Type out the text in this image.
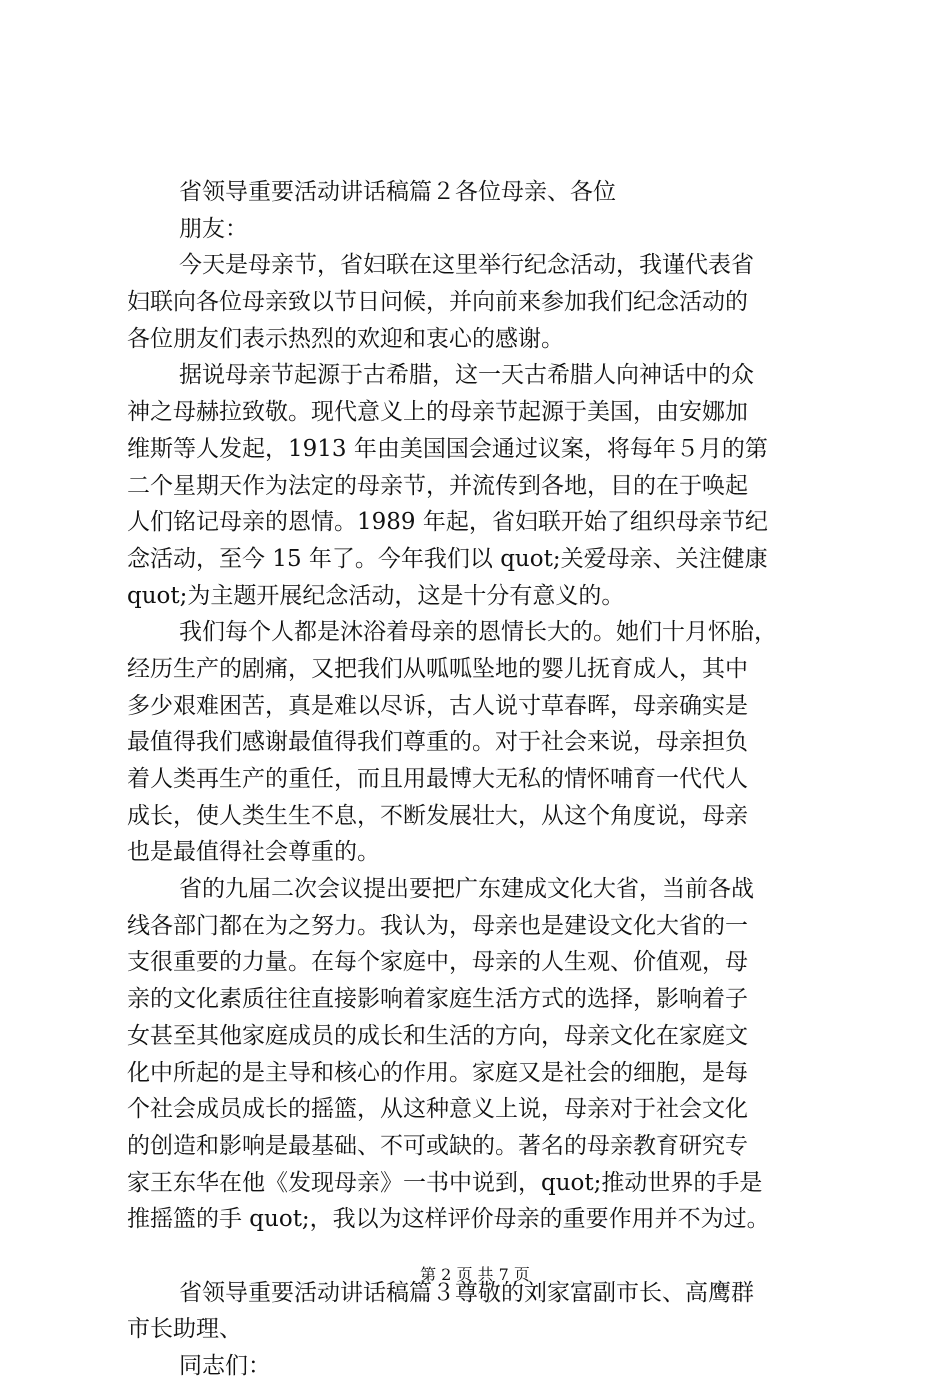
省领导重要活动讲话稿篇２各位母亲、各位
朋友：
今天是母亲节，省妇联在这里举行纪念活动，我谨代表省
妇联向各位母亲致以节日问候，并向前来参加我们纪念活动的
各位朋友们表示热烈的欢迎和衷心的感谢。
据说母亲节起源于古希腊，这一天古希腊人向神话中的众
神之母赫拉致敬。现代意义上的母亲节起源于美国，由安娜加
维斯等人发起，1913 年由美国国会通过议案，将每年５月的第
二个星期天作为法定的母亲节，并流传到各地，目的在于唤起
人们铭记母亲的恩情。1989 年起，省妇联开始了组织母亲节纪
念活动，至今 15 年了。今年我们以 quot;关爱母亲、关注健康
quot;为主题开展纪念活动，这是十分有意义的。
我们每个人都是沐浴着母亲的恩情长大的。她们十月怀胎，
经历生产的剧痛，又把我们从呱呱坠地的婴儿抚育成人，其中
多少艰难困苦，真是难以尽诉，古人说寸草春晖，母亲确实是
最值得我们感谢最值得我们尊重的。对于社会来说，母亲担负
着人类再生产的重任，而且用最博大无私的情怀哺育一代代人
成长，使人类生生不息，不断发展壮大，从这个角度说，母亲
也是最值得社会尊重的。
省的九届二次会议提出要把广东建成文化大省，当前各战
线各部门都在为之努力。我认为，母亲也是建设文化大省的一
支很重要的力量。在每个家庭中，母亲的人生观、价值观，母
亲的文化素质往往直接影响着家庭生活方式的选择，影响着子
女甚至其他家庭成员的成长和生活的方向，母亲文化在家庭文
化中所起的是主导和核心的作用。家庭又是社会的细胞，是每
个社会成员成长的摇篮，从这种意义上说，母亲对于社会文化
的创造和影响是最基础、不可或缺的。著名的母亲教育研究专
家王东华在他《发现母亲》一书中说到，quot;推动世界的手是
推摇篮的手 quot;，我以为这样评价母亲的重要作用并不为过。
省领导重要活动讲话稿篇３尊敬的刘家富副市长、高鹰群
市长助理、
同志们：
第 2 页 共 7 页
